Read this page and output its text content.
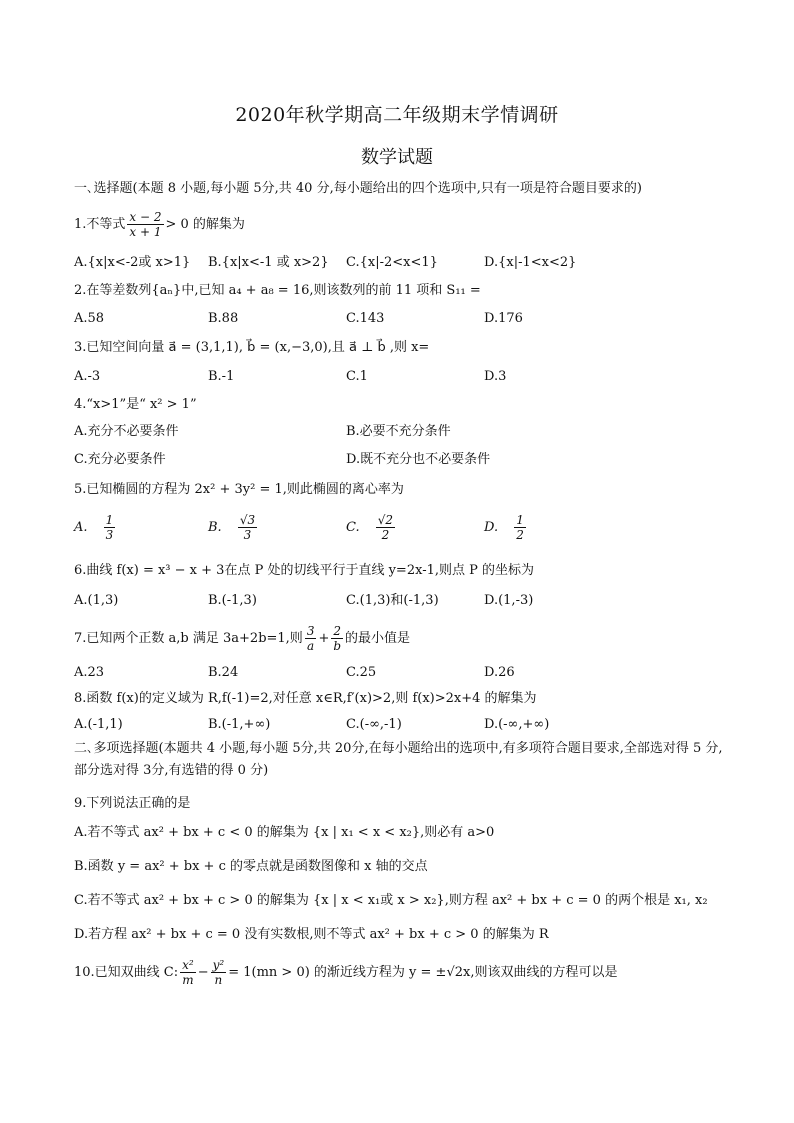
2020年秋学期高二年级期末学情调研
数学试题
一､选择题(本题 8 小题,每小题 5分,共 40 分,每小题给出的四个选项中,只有一项是符合题目要求的)
1.不等式 $\frac{x - 2}{x + 1} > 0$ 的解集为
A.{x|x<-2或 x>1} B.{x|x<-1 或 x>2} C.{x|-2<x<1}	D.{x|-1<x<2}
2.在等差数列{aₙ}中,已知 a₄ + a₈ = 16,则该数列的前 11 项和 S₁₁ =
A.58	B.88	C.143	D.176
3.已知空间向量 a⃗ = (3,1,1), b⃗ = (x,−3,0),且 a⃗ ⊥ b⃗ ,则 x=
A.-3	B.-1	C.1	D.3
4.“x>1”是“ x² > 1”
A.充分不必要条件	B.必要不充分条件
C.充分必要条件	D.既不充分也不必要条件
5.已知椭圆的方程为 2x² + 3y² = 1,则此椭圆的离心率为
A. $\frac{1}{3}$	B. $\frac{√3}{3}$	C. $\frac{√2}{2}$	D. $\frac{1}{2}$
6.曲线 f(x) = x³ − x + 3在点 P 处的切线平行于直线 y=2x-1,则点 P 的坐标为
A.(1,3)	B.(-1,3)	C.(1,3)和(-1,3)	D.(1,-3)
7.已知两个正数 a,b 满足 3a+2b=1,则 $\frac{3}{a} + \frac{2}{b}$ 的最小值是
A.23	B.24	C.25	D.26
8.函数 f(x)的定义域为 R,f(-1)=2,对任意 x∈R,f′(x)>2,则 f(x)>2x+4 的解集为
A.(-1,1)	B.(-1,+∞)	C.(-∞,-1)	D.(-∞,+∞)
二､多项选择题(本题共 4 小题,每小题 5分,共 20分,在每小题给出的选项中,有多项符合题目要求,全部选对得 5 分,部分选对得 3分,有选错的得 0 分)
9.下列说法正确的是
A.若不等式 ax² + bx + c < 0 的解集为 {x | x₁ < x < x₂},则必有 a>0
B.函数 y = ax² + bx + c 的零点就是函数图像和 x 轴的交点
C.若不等式 ax² + bx + c > 0 的解集为 {x | x < x₁或 x > x₂},则方程 ax² + bx + c = 0 的两个根是 x₁, x₂
D.若方程 ax² + bx + c = 0 没有实数根,则不等式 ax² + bx + c > 0 的解集为 R
10.已知双曲线 C: $\frac{\text{x²}}{m} - \frac{\text{y²}}{n} = 1(mn > 0)$ 的渐近线方程为 y = ±√2x,则该双曲线的方程可以是
